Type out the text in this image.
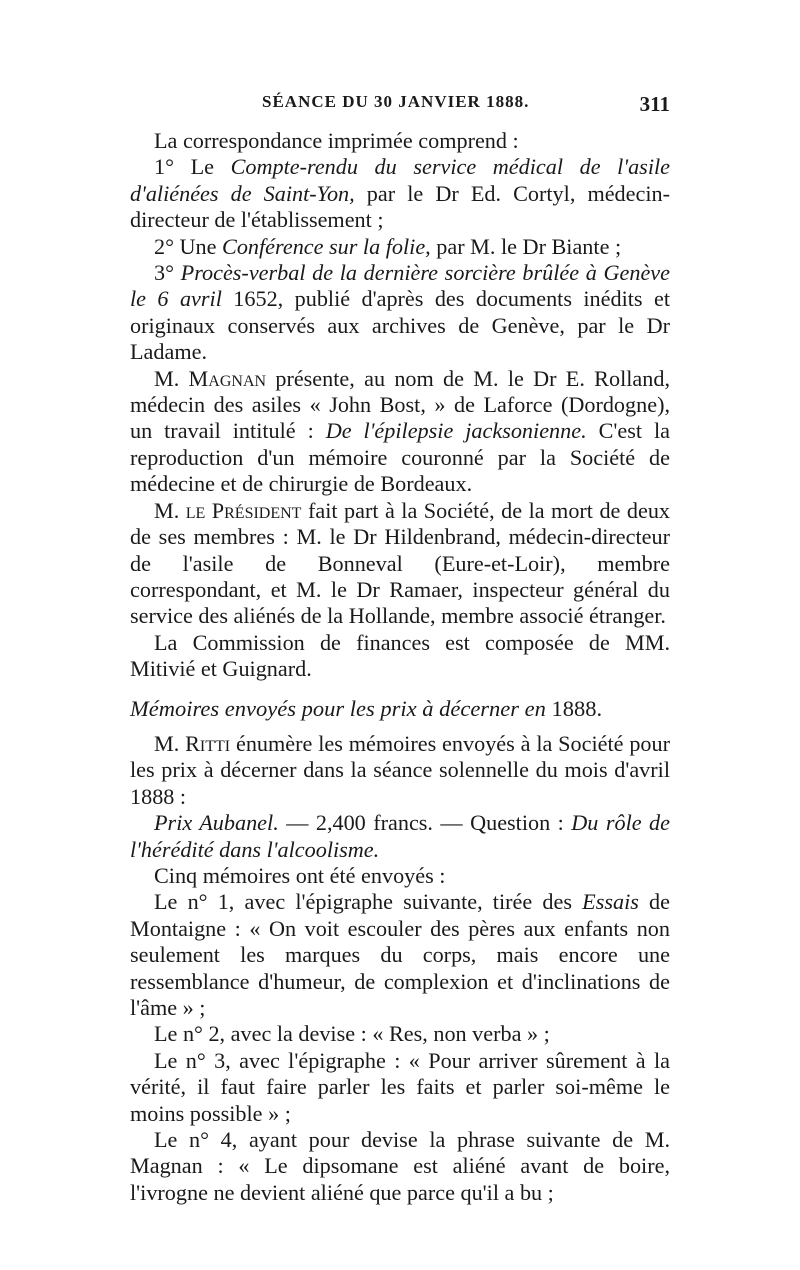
SÉANCE DU 30 JANVIER 1888.	311

La correspondance imprimée comprend :

1° Le Compte-rendu du service médical de l'asile d'aliénées de Saint-Yon, par le Dr Ed. Cortyl, médecin-directeur de l'établissement ;

2° Une Conférence sur la folie, par M. le Dr Biante ;

3° Procès-verbal de la dernière sorcière brûlée à Genève le 6 avril 1652, publié d'après des documents inédits et originaux conservés aux archives de Genève, par le Dr Ladame.

M. Magnan présente, au nom de M. le Dr E. Rolland, médecin des asiles « John Bost, » de Laforce (Dordogne), un travail intitulé : De l'épilepsie jacksonienne. C'est la reproduction d'un mémoire couronné par la Société de médecine et de chirurgie de Bordeaux.

M. le Président fait part à la Société, de la mort de deux de ses membres : M. le Dr Hildenbrand, médecin-directeur de l'asile de Bonneval (Eure-et-Loir), membre correspondant, et M. le Dr Ramaer, inspecteur général du service des aliénés de la Hollande, membre associé étranger.

La Commission de finances est composée de MM. Mitivié et Guignard.

Mémoires envoyés pour les prix à décerner en 1888.

M. Ritti énumère les mémoires envoyés à la Société pour les prix à décerner dans la séance solennelle du mois d'avril 1888 :

Prix Aubanel. — 2,400 francs. — Question : Du rôle de l'hérédité dans l'alcoolisme.

Cinq mémoires ont été envoyés :

Le n° 1, avec l'épigraphe suivante, tirée des Essais de Montaigne : « On voit escouler des pères aux enfants non seulement les marques du corps, mais encore une ressemblance d'humeur, de complexion et d'inclinations de l'âme » ;

Le n° 2, avec la devise : « Res, non verba » ;

Le n° 3, avec l'épigraphe : « Pour arriver sûrement à la vérité, il faut faire parler les faits et parler soi-même le moins possible » ;

Le n° 4, ayant pour devise la phrase suivante de M. Magnan : « Le dipsomane est aliéné avant de boire, l'ivrogne ne devient aliéné que parce qu'il a bu ;
